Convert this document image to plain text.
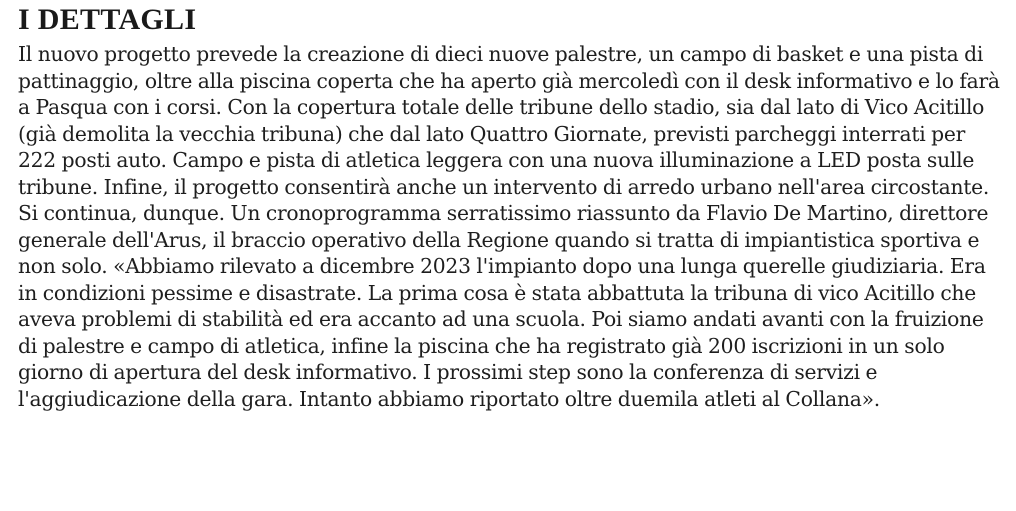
I DETTAGLI

Il nuovo progetto prevede la creazione di dieci nuove palestre, un campo di basket e una pista di pattinaggio, oltre alla piscina coperta che ha aperto già mercoledì con il desk informativo e lo farà a Pasqua con i corsi. Con la copertura totale delle tribune dello stadio, sia dal lato di Vico Acitillo (già demolita la vecchia tribuna) che dal lato Quattro Giornate, previsti parcheggi interrati per 222 posti auto. Campo e pista di atletica leggera con una nuova illuminazione a LED posta sulle tribune. Infine, il progetto consentirà anche un intervento di arredo urbano nell'area circostante. Si continua, dunque. Un cronoprogramma serratissimo riassunto da Flavio De Martino, direttore generale dell'Arus, il braccio operativo della Regione quando si tratta di impiantistica sportiva e non solo. «Abbiamo rilevato a dicembre 2023 l'impianto dopo una lunga querelle giudiziaria. Era in condizioni pessime e disastrate. La prima cosa è stata abbattuta la tribuna di vico Acitillo che aveva problemi di stabilità ed era accanto ad una scuola. Poi siamo andati avanti con la fruizione di palestre e campo di atletica, infine la piscina che ha registrato già 200 iscrizioni in un solo giorno di apertura del desk informativo. I prossimi step sono la conferenza di servizi e l'aggiudicazione della gara. Intanto abbiamo riportato oltre duemila atleti al Collana».
